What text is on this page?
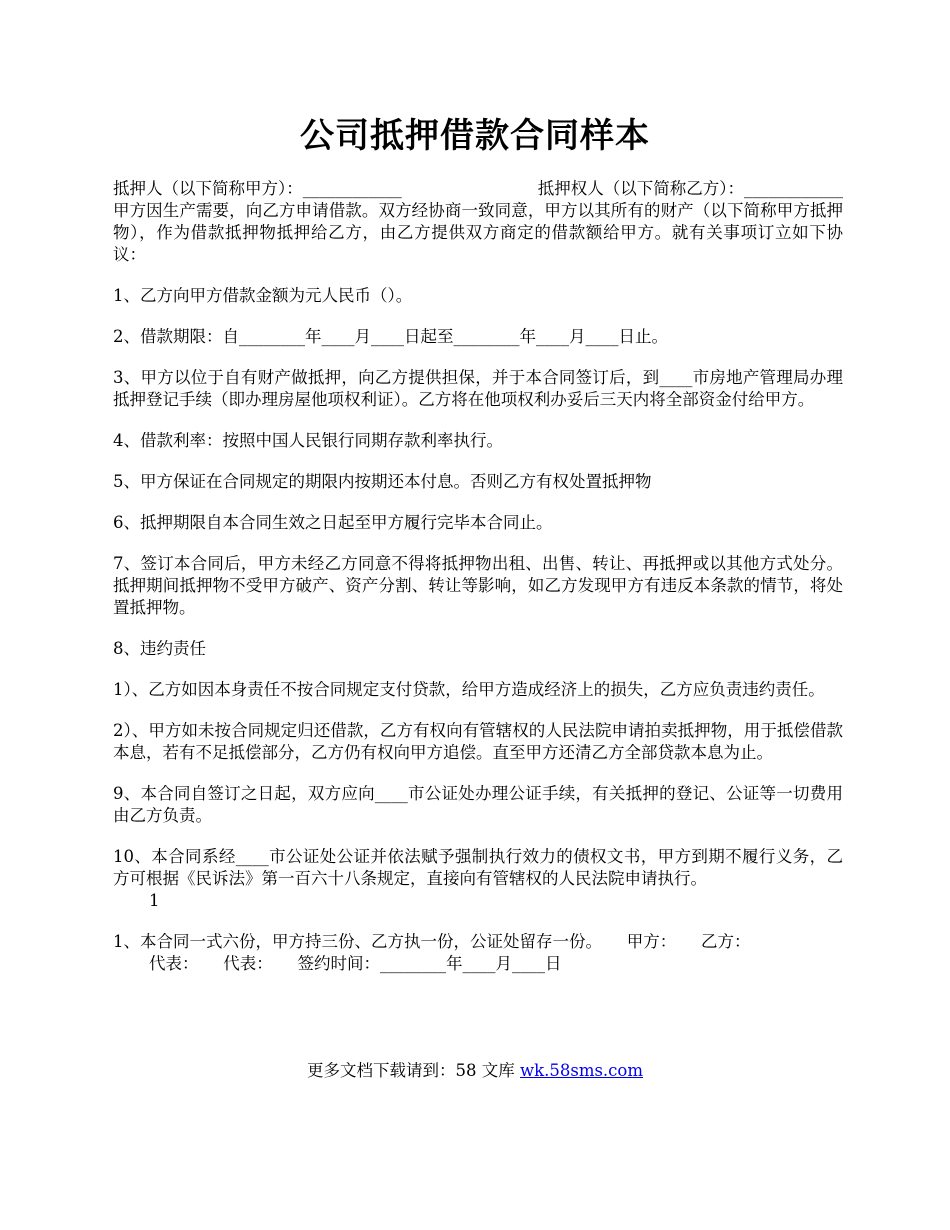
公司抵押借款合同样本
抵押人（以下简称甲方）：____________	抵押权人（以下简称乙方）：____________

甲方因生产需要，向乙方申请借款。双方经协商一致同意，甲方以其所有的财产（以下简称甲方抵押物），作为借款抵押物抵押给乙方，由乙方提供双方商定的借款额给甲方。就有关事项订立如下协议：

1、乙方向甲方借款金额为元人民币（）。

2、借款期限：自________年____月____日起至________年____月____日止。

3、甲方以位于自有财产做抵押，向乙方提供担保，并于本合同签订后，到____市房地产管理局办理抵押登记手续（即办理房屋他项权利证）。乙方将在他项权利办妥后三天内将全部资金付给甲方。

4、借款利率：按照中国人民银行同期存款利率执行。

5、甲方保证在合同规定的期限内按期还本付息。否则乙方有权处置抵押物

6、抵押期限自本合同生效之日起至甲方履行完毕本合同止。

7、签订本合同后，甲方未经乙方同意不得将抵押物出租、出售、转让、再抵押或以其他方式处分。抵押期间抵押物不受甲方破产、资产分割、转让等影响，如乙方发现甲方有违反本条款的情节，将处置抵押物。

8、违约责任

1）、乙方如因本身责任不按合同规定支付贷款，给甲方造成经济上的损失，乙方应负责违约责任。

2）、甲方如未按合同规定归还借款，乙方有权向有管辖权的人民法院申请拍卖抵押物，用于抵偿借款本息，若有不足抵偿部分，乙方仍有权向甲方追偿。直至甲方还清乙方全部贷款本息为止。

9、本合同自签订之日起，双方应向____市公证处办理公证手续，有关抵押的登记、公证等一切费用由乙方负责。

10、本合同系经____市公证处公证并依法赋予强制执行效力的债权文书，甲方到期不履行义务，乙方可根据《民诉法》第一百六十八条规定，直接向有管辖权的人民法院申请执行。

1
1、本合同一式六份，甲方持三份、乙方执一份，公证处留存一份。　　甲方：　　乙方：
代表：　　代表：　　签约时间：________年____月____日
更多文档下载请到：58 文库 wk.58sms.com
